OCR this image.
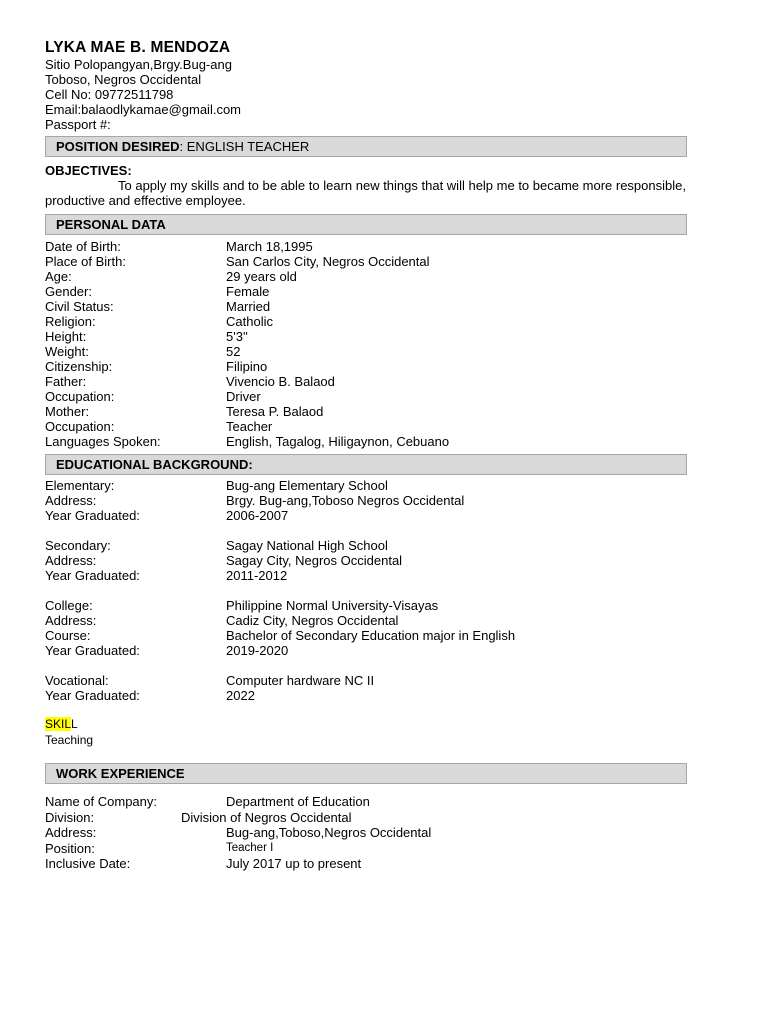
LYKA MAE B. MENDOZA
Sitio Polopangyan,Brgy.Bug-ang
Toboso, Negros Occidental
Cell No: 09772511798
Email:balaodlykamae@gmail.com
Passport #:
POSITION DESIRED: ENGLISH TEACHER
OBJECTIVES:
To apply my skills and to be able to learn new things that will help me to became more responsible, productive and effective employee.
PERSONAL DATA
Date of Birth:	March 18,1995
Place of Birth:	San Carlos City, Negros Occidental
Age:	29 years old
Gender:	Female
Civil Status:	Married
Religion:	Catholic
Height:	5'3''
Weight:	52
Citizenship:	Filipino
Father:	Vivencio B. Balaod
Occupation:	Driver
Mother:	Teresa P. Balaod
Occupation:	Teacher
Languages Spoken:	English, Tagalog, Hiligaynon, Cebuano
EDUCATIONAL BACKGROUND:
Elementary:	Bug-ang Elementary School
Address:	Brgy. Bug-ang,Toboso Negros Occidental
Year Graduated:	2006-2007
Secondary:	Sagay National High School
Address:	Sagay City, Negros Occidental
Year Graduated:	2011-2012
College:	Philippine Normal University-Visayas
Address:	Cadiz City, Negros Occidental
Course:	Bachelor of Secondary Education major in English
Year Graduated:	2019-2020
Vocational:	Computer hardware NC II
Year Graduated:	2022
SKILL
Teaching
WORK EXPERIENCE
Name of Company:	Department of Education
Division:	Division of Negros Occidental
Address:	Bug-ang,Toboso,Negros Occidental
Position:	Teacher I
Inclusive Date:	July 2017 up to present
